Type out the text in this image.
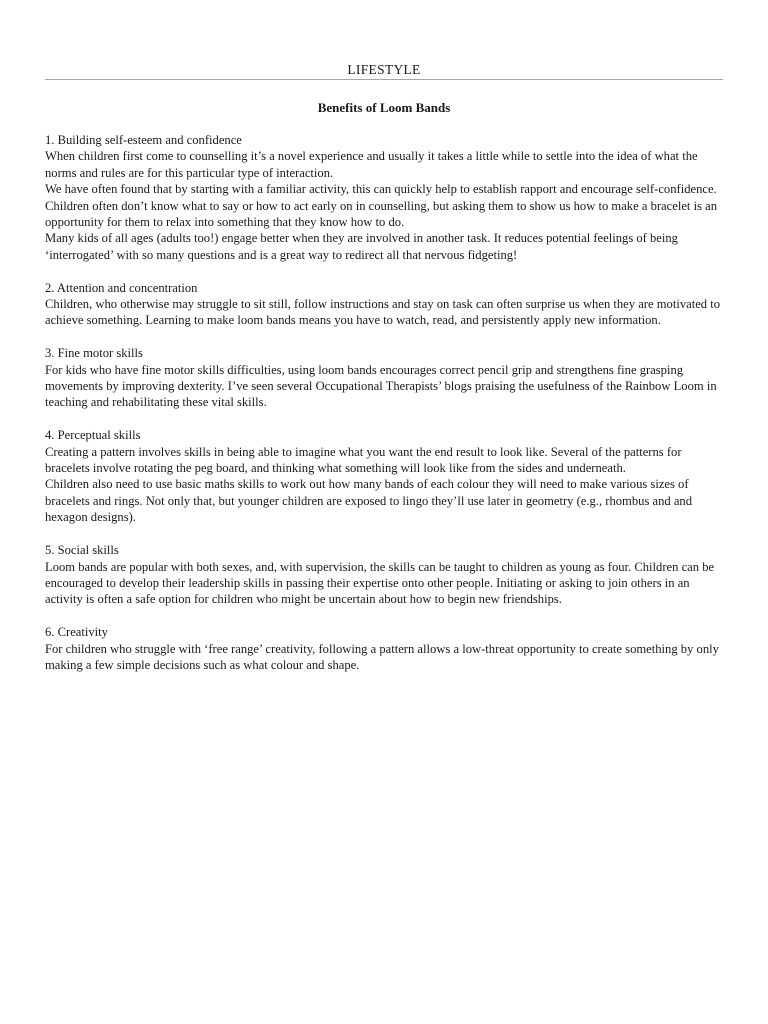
LIFESTYLE
Benefits of Loom Bands

1. Building self-esteem and confidence

When children first come to counselling it’s a novel experience and usually it takes a little while to settle into the idea of what the norms and rules are for this particular type of interaction.

We have often found that by starting with a familiar activity, this can quickly help to establish rapport and encourage self-confidence. Children often don’t know what to say or how to act early on in counselling, but asking them to show us how to make a bracelet is an opportunity for them to relax into something that they know how to do.

Many kids of all ages (adults too!) engage better when they are involved in another task. It reduces potential feelings of being ‘interrogated’ with so many questions and is a great way to redirect all that nervous fidgeting!

2. Attention and concentration

Children, who otherwise may struggle to sit still, follow instructions and stay on task can often surprise us when they are motivated to achieve something. Learning to make loom bands means you have to watch, read, and persistently apply new information.

3. Fine motor skills

For kids who have fine motor skills difficulties, using loom bands encourages correct pencil grip and strengthens fine grasping movements by improving dexterity. I’ve seen several Occupational Therapists’ blogs praising the usefulness of the Rainbow Loom in teaching and rehabilitating these vital skills.

4. Perceptual skills

Creating a pattern involves skills in being able to imagine what you want the end result to look like. Several of the patterns for bracelets involve rotating the peg board, and thinking what something will look like from the sides and underneath.

Children also need to use basic maths skills to work out how many bands of each colour they will need to make various sizes of bracelets and rings. Not only that, but younger children are exposed to lingo they’ll use later in geometry (e.g., rhombus and and hexagon designs).

5. Social skills

Loom bands are popular with both sexes, and, with supervision, the skills can be taught to children as young as four. Children can be encouraged to develop their leadership skills in passing their expertise onto other people. Initiating or asking to join others in an activity is often a safe option for children who might be uncertain about how to begin new friendships.

6. Creativity

For children who struggle with ‘free range’ creativity, following a pattern allows a low-threat opportunity to create something by only making a few simple decisions such as what colour and shape.
